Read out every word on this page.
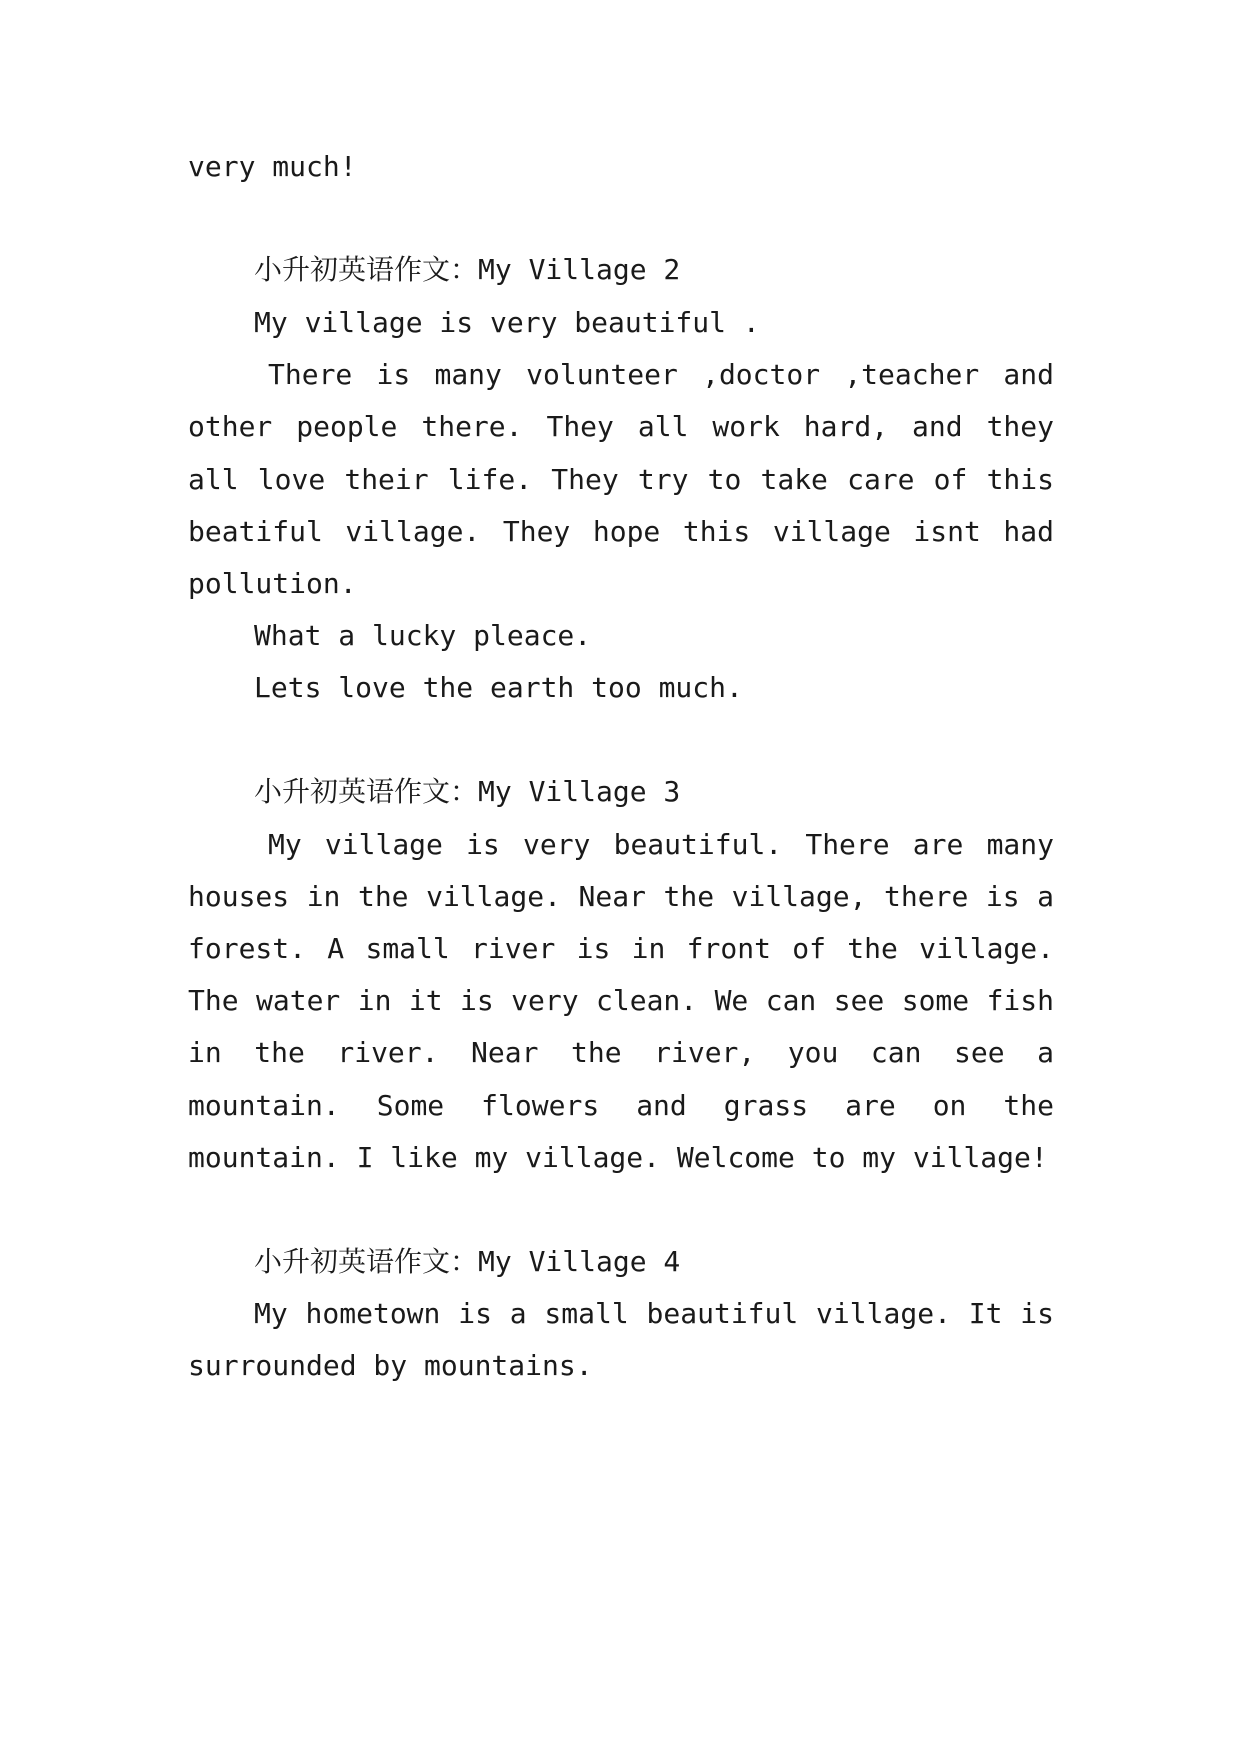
very much!
小升初英语作文：My Village 2
My village is very beautiful .
There is many volunteer ,doctor ,teacher and
other people there. They all work hard, and they
all love their life. They try to take care of this
beatiful village. They hope this village isnt had
pollution.
What a lucky pleace.
Lets love the earth too much.
小升初英语作文：My Village 3
My village is very beautiful. There are many
houses in the village. Near the village, there is a
forest. A small river is in front of the village.
The water in it is very clean. We can see some fish
in the river. Near the river, you can see a
mountain. Some flowers and grass are on the
mountain. I like my village. Welcome to my village!
小升初英语作文：My Village 4
My hometown is a small beautiful village. It is
surrounded by mountains.
